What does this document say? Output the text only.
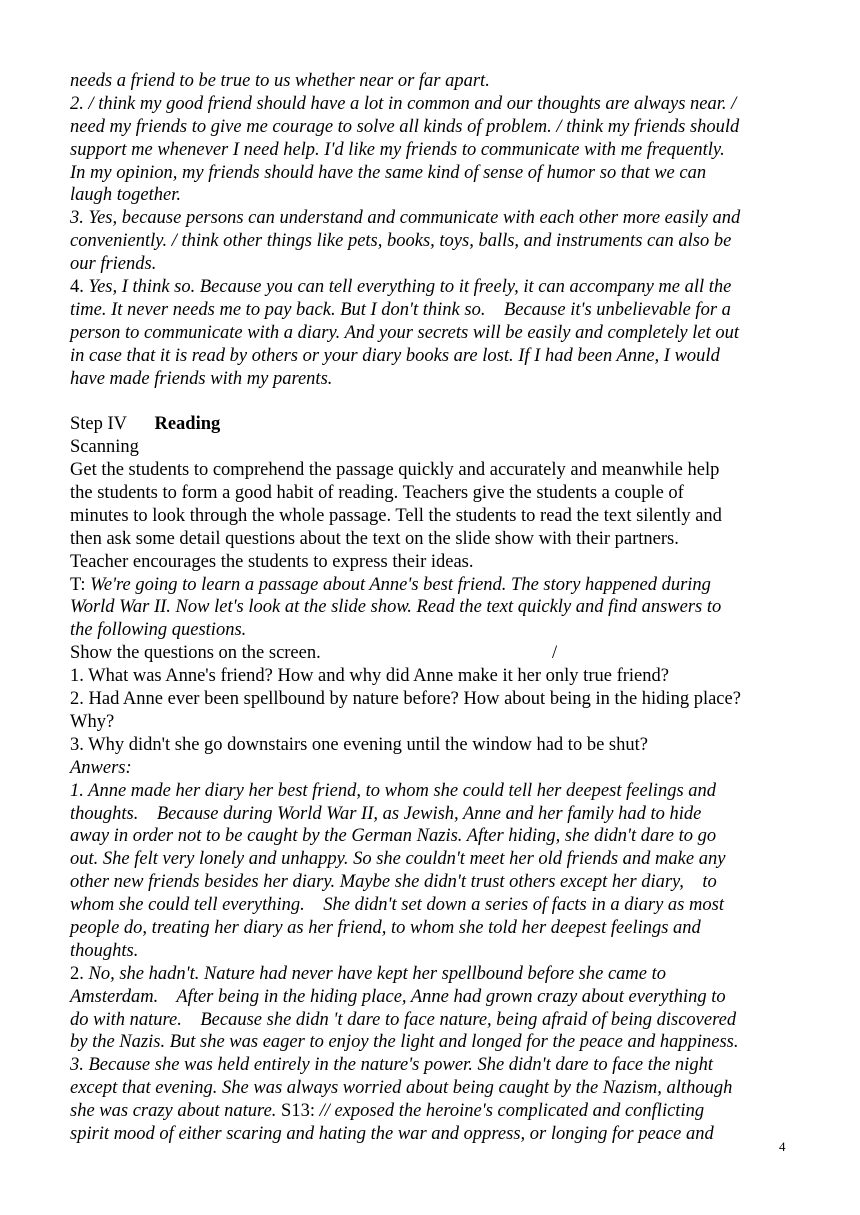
needs a friend to be true to us whether near or far apart.
2. / think my good friend should have a lot in common and our thoughts are always near. /
need my friends to give me courage to solve all kinds of problem. / think my friends should
support me whenever I need help. I'd like my friends to communicate with me frequently.
In my opinion, my friends should have the same kind of sense of humor so that we can
laugh together.
3. Yes, because persons can understand and communicate with each other more easily and
conveniently. / think other things like pets, books, toys, balls, and instruments can also be
our friends.
4. Yes, I think so. Because you can tell everything to it freely, it can accompany me all the
time. It never needs me to pay back. But I don't think so.    Because it's unbelievable for a
person to communicate with a diary. And your secrets will be easily and completely let out
in case that it is read by others or your diary books are lost. If I had been Anne, I would
have made friends with my parents.
Step IV      Reading
Scanning
Get the students to comprehend the passage quickly and accurately and meanwhile help
the students to form a good habit of reading. Teachers give the students a couple of
minutes to look through the whole passage. Tell the students to read the text silently and
then ask some detail questions about the text on the slide show with their partners.
Teacher encourages the students to express their ideas.
T: We're going to learn a passage about Anne's best friend. The story happened during
World War II. Now let's look at the slide show. Read the text quickly and find answers to
the following questions.
Show the questions on the screen.                                                  /
1. What was Anne's friend? How and why did Anne make it her only true friend?
2. Had Anne ever been spellbound by nature before? How about being in the hiding place?
Why?
3. Why didn't she go downstairs one evening until the window had to be shut?
Anwers:
1. Anne made her diary her best friend, to whom she could tell her deepest feelings and
thoughts.    Because during World War II, as Jewish, Anne and her family had to hide
away in order not to be caught by the German Nazis. After hiding, she didn't dare to go
out. She felt very lonely and unhappy. So she couldn't meet her old friends and make any
other new friends besides her diary. Maybe she didn't trust others except her diary,    to
whom she could tell everything.    She didn't set down a series of facts in a diary as most
people do, treating her diary as her friend, to whom she told her deepest feelings and
thoughts.
2. No, she hadn't. Nature had never have kept her spellbound before she came to
Amsterdam.    After being in the hiding place, Anne had grown crazy about everything to
do with nature.    Because she didn 't dare to face nature, being afraid of being discovered
by the Nazis. But she was eager to enjoy the light and longed for the peace and happiness.
3. Because she was held entirely in the nature's power. She didn't dare to face the night
except that evening. She was always worried about being caught by the Nazism, although
she was crazy about nature. S13: // exposed the heroine's complicated and conflicting
spirit mood of either scaring and hating the war and oppress, or longing for peace and
4
